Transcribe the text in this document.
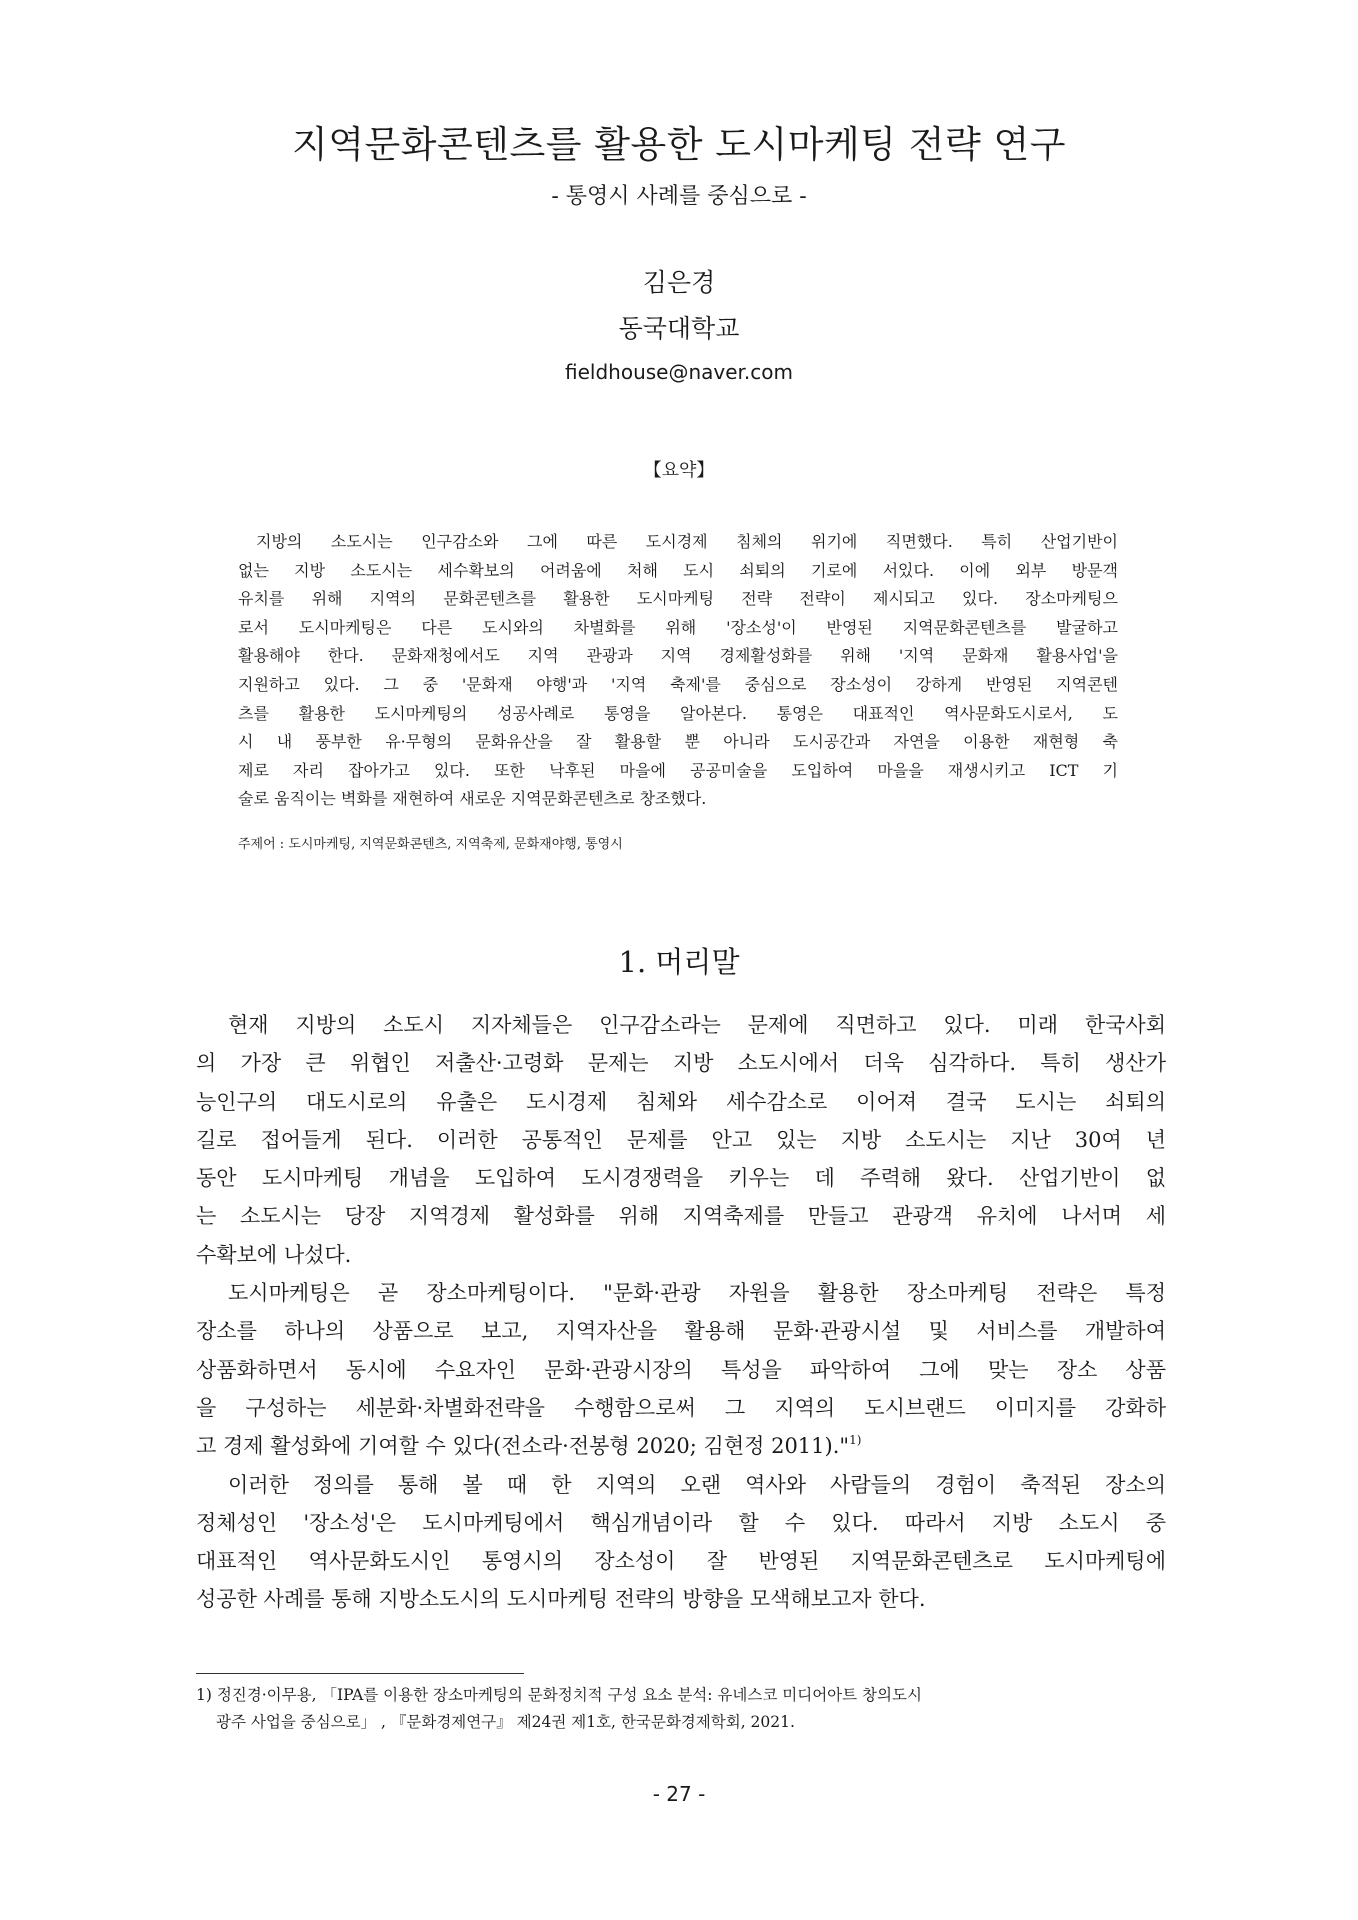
지역문화콘텐츠를 활용한 도시마케팅 전략 연구
- 통영시 사례를 중심으로 -
김은경
동국대학교
fieldhouse@naver.com
【요약】
지방의 소도시는 인구감소와 그에 따른 도시경제 침체의 위기에 직면했다. 특히 산업기반이
없는 지방 소도시는 세수확보의 어려움에 처해 도시 쇠퇴의 기로에 서있다. 이에 외부 방문객
유치를 위해 지역의 문화콘텐츠를 활용한 도시마케팅 전략 전략이 제시되고 있다. 장소마케팅으
로서 도시마케팅은 다른 도시와의 차별화를 위해 '장소성'이 반영된 지역문화콘텐츠를 발굴하고
활용해야 한다. 문화재청에서도 지역 관광과 지역 경제활성화를 위해 '지역 문화재 활용사업'을
지원하고 있다. 그 중 '문화재 야행'과 '지역 축제'를 중심으로 장소성이 강하게 반영된 지역콘텐
츠를 활용한 도시마케팅의 성공사례로 통영을 알아본다. 통영은 대표적인 역사문화도시로서, 도
시 내 풍부한 유·무형의 문화유산을 잘 활용할 뿐 아니라 도시공간과 자연을 이용한 재현형 축
제로 자리 잡아가고 있다. 또한 낙후된 마을에 공공미술을 도입하여 마을을 재생시키고 ICT 기
술로 움직이는 벽화를 재현하여 새로운 지역문화콘텐츠로 창조했다.
주제어 : 도시마케팅, 지역문화콘텐츠, 지역축제, 문화재야행, 통영시
1. 머리말
현재 지방의 소도시 지자체들은 인구감소라는 문제에 직면하고 있다. 미래 한국사회
의 가장 큰 위협인 저출산·고령화 문제는 지방 소도시에서 더욱 심각하다. 특히 생산가
능인구의 대도시로의 유출은 도시경제 침체와 세수감소로 이어져 결국 도시는 쇠퇴의
길로 접어들게 된다. 이러한 공통적인 문제를 안고 있는 지방 소도시는 지난 30여 년
동안 도시마케팅 개념을 도입하여 도시경쟁력을 키우는 데 주력해 왔다. 산업기반이 없
는 소도시는 당장 지역경제 활성화를 위해 지역축제를 만들고 관광객 유치에 나서며 세
수확보에 나섰다.
도시마케팅은 곧 장소마케팅이다. "문화·관광 자원을 활용한 장소마케팅 전략은 특정
장소를 하나의 상품으로 보고, 지역자산을 활용해 문화·관광시설 및 서비스를 개발하여
상품화하면서 동시에 수요자인 문화·관광시장의 특성을 파악하여 그에 맞는 장소 상품
을 구성하는 세분화·차별화전략을 수행함으로써 그 지역의 도시브랜드 이미지를 강화하
고 경제 활성화에 기여할 수 있다(전소라·전봉형 2020; 김현정 2011)."$^{1)}$
이러한 정의를 통해 볼 때 한 지역의 오랜 역사와 사람들의 경험이 축적된 장소의
정체성인 '장소성'은 도시마케팅에서 핵심개념이라 할 수 있다. 따라서 지방 소도시 중
대표적인 역사문화도시인 통영시의 장소성이 잘 반영된 지역문화콘텐츠로 도시마케팅에
성공한 사례를 통해 지방소도시의 도시마케팅 전략의 방향을 모색해보고자 한다.
1) 정진경·이무용, 「IPA를 이용한 장소마케팅의 문화정치적 구성 요소 분석: 유네스코 미디어아트 창의도시
광주 사업을 중심으로」 , 『문화경제연구』 제24권 제1호, 한국문화경제학회, 2021.
- 27 -
